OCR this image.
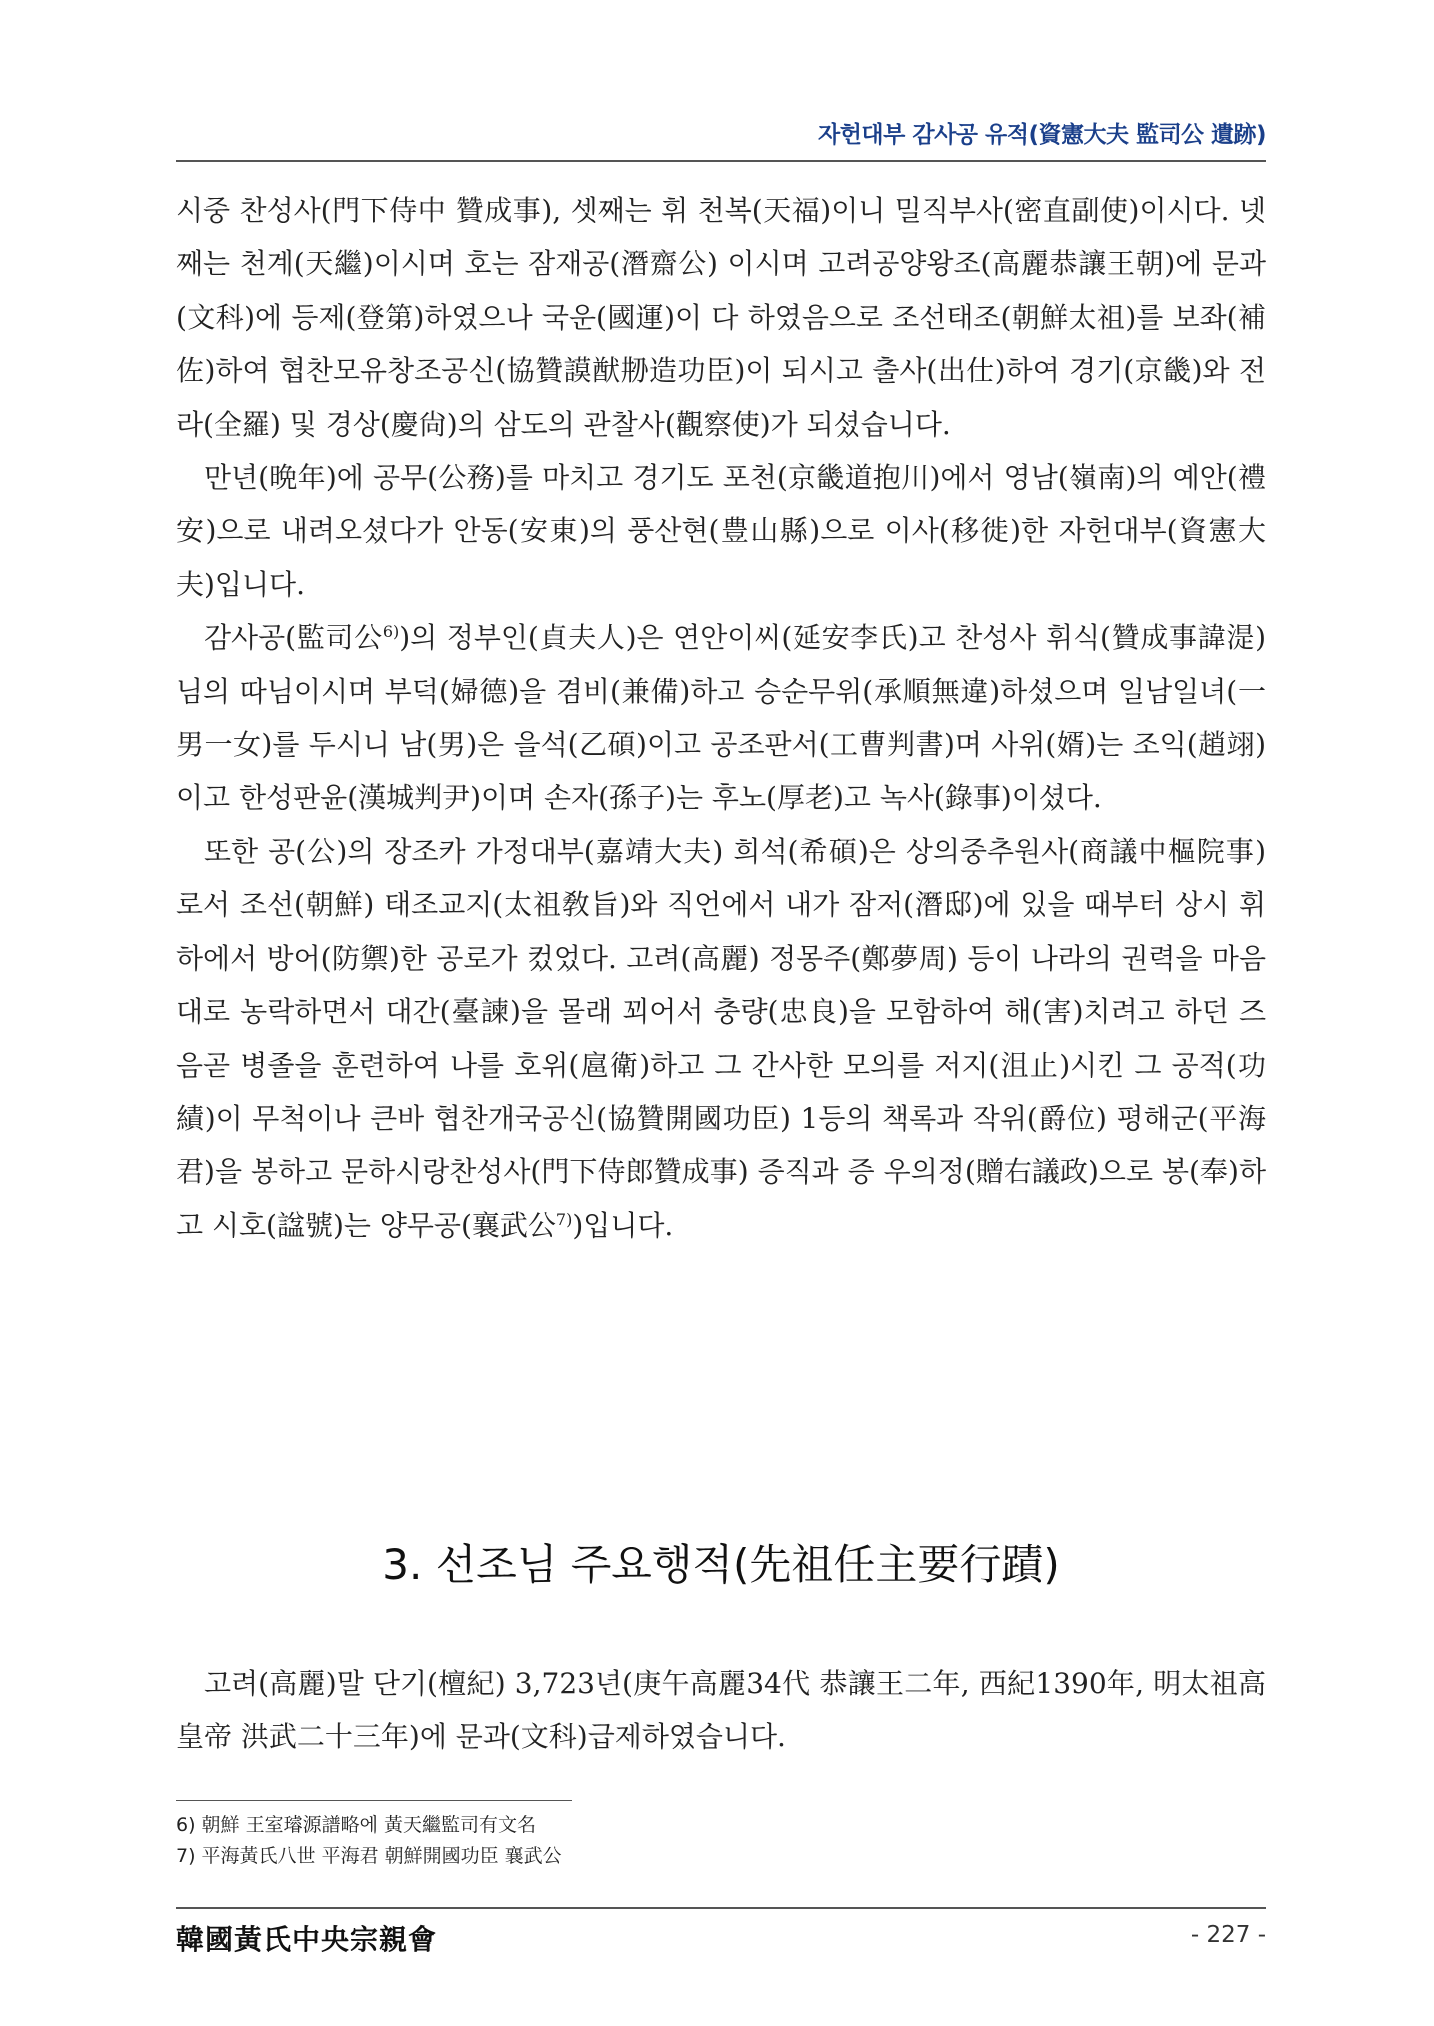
자헌대부 감사공 유적(資憲大夫 監司公 遺跡)

시중 찬성사(門下侍中 贊成事), 셋째는 휘 천복(天福)이니 밀직부사(密直副使)이시다. 넷째는 천계(天繼)이시며 호는 잠재공(潛齋公) 이시며 고려공양왕조(高麗恭讓王朝)에 문과(文科)에 등제(登第)하였으나 국운(國運)이 다 하였음으로 조선태조(朝鮮太祖)를 보좌(補佐)하여 협찬모유창조공신(協贊謨猷刱造功臣)이 되시고 출사(出仕)하여 경기(京畿)와 전라(全羅) 및 경상(慶尙)의 삼도의 관찰사(觀察使)가 되셨습니다.

만년(晩年)에 공무(公務)를 마치고 경기도 포천(京畿道抱川)에서 영남(嶺南)의 예안(禮安)으로 내려오셨다가 안동(安東)의 풍산현(豊山縣)으로 이사(移徙)한 자헌대부(資憲大夫)입니다.

감사공(監司公$^{6)}$)의 정부인(貞夫人)은 연안이씨(延安李氏)고 찬성사 휘식(贊成事諱湜)님의 따님이시며 부덕(婦德)을 겸비(兼備)하고 승순무위(承順無違)하셨으며 일남일녀(一男一女)를 두시니 남(男)은 을석(乙碩)이고 공조판서(工曹判書)며 사위(婿)는 조익(趙翊)이고 한성판윤(漢城判尹)이며 손자(孫子)는 후노(厚老)고 녹사(錄事)이셨다.

또한 공(公)의 장조카 가정대부(嘉靖大夫) 희석(希碩)은 상의중추원사(商議中樞院事)로서 조선(朝鮮) 태조교지(太祖敎旨)와 직언에서 내가 잠저(潛邸)에 있을 때부터 상시 휘하에서 방어(防禦)한 공로가 컸었다. 고려(高麗) 정몽주(鄭夢周) 등이 나라의 권력을 마음대로 농락하면서 대간(臺諫)을 몰래 꾀어서 충량(忠良)을 모함하여 해(害)치려고 하던 즈음곧 병졸을 훈련하여 나를 호위(扈衛)하고 그 간사한 모의를 저지(沮止)시킨 그 공적(功績)이 무척이나 큰바 협찬개국공신(協贊開國功臣) 1등의 책록과 작위(爵位) 평해군(平海君)을 봉하고 문하시랑찬성사(門下侍郎贊成事) 증직과 증 우의정(贈右議政)으로 봉(奉)하고 시호(諡號)는 양무공(襄武公$^{7)}$)입니다.

3. 선조님 주요행적(先祖任主要行蹟)

고려(高麗)말 단기(檀紀) 3,723년(庚午高麗34代 恭讓王二年, 西紀1390年, 明太祖高皇帝 洪武二十三年)에 문과(文科)급제하였습니다.

6) 朝鮮 王室璿源譜略에 黃天繼監司有文名
7) 平海黃氏八世 平海君 朝鮮開國功臣 襄武公
韓國黃氏中央宗親會	- 227 -
